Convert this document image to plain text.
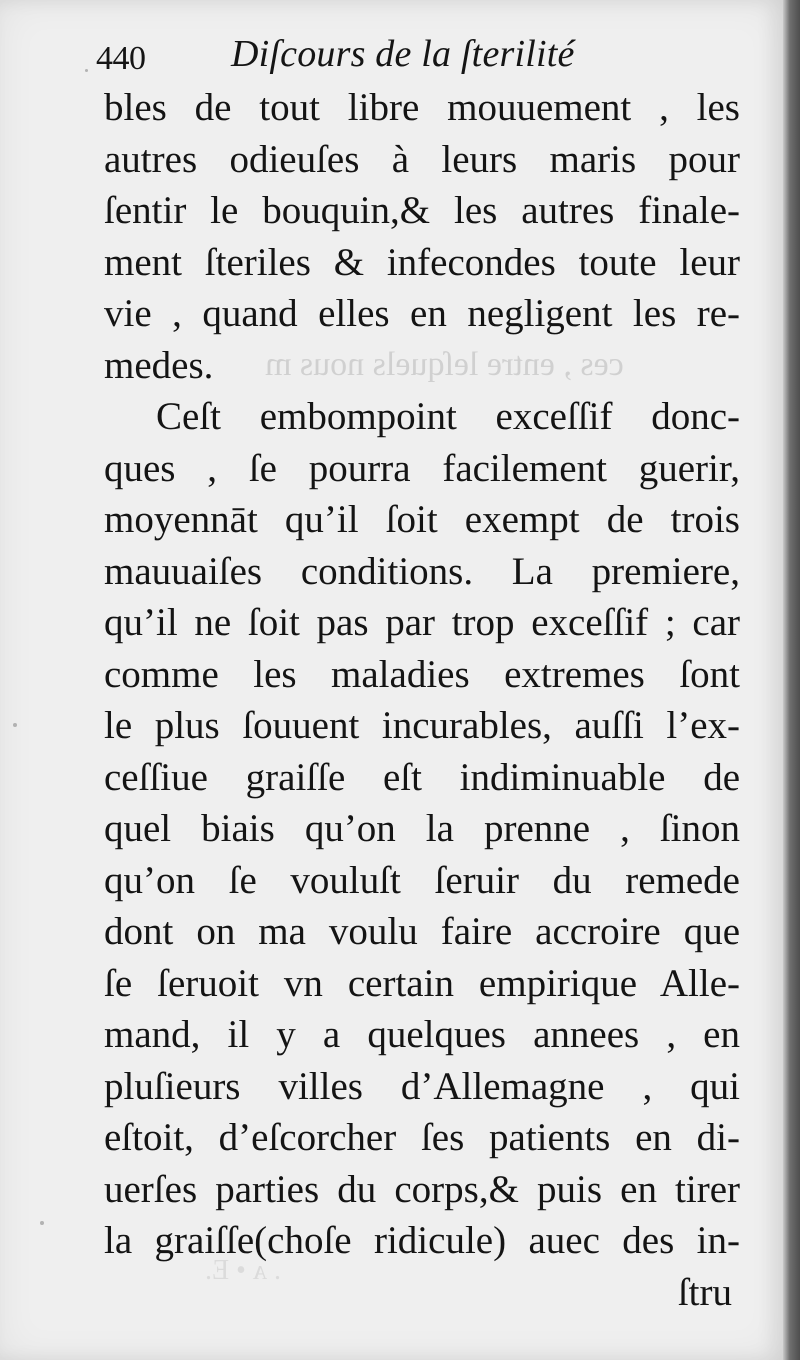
440 Diſcours de la ſterilité
bles de tout libre mouuement , les
autres odieuſes à leurs maris pour
ſentir le bouquin,& les autres finale-
ment ſteriles & infecondes toute leur
vie , quand elles en negligent les re-
medes.
Ceſt embompoint exceſſif donc-
ques , ſe pourra facilement guerir,
moyennāt qu’il ſoit exempt de trois
mauuaiſes conditions. La premiere,
qu’il ne ſoit pas par trop exceſſif ; car
comme les maladies extremes ſont
le plus ſouuent incurables, auſſi l’ex-
ceſſiue graiſſe eſt indiminuable de
quel biais qu’on la prenne , ſinon
qu’on ſe vouluſt ſeruir du remede
dont on ma voulu faire accroire que
ſe ſeruoit vn certain empirique Alle-
mand, il y a quelques annees , en
pluſieurs villes d’Allemagne , qui
eſtoit, d’eſcorcher ſes patients en di-
uerſes parties du corps,& puis en tirer
la graiſſe(choſe ridicule) auec des in-
ſtru
ces , entre leſquels nous m
. ᴀ • E.
